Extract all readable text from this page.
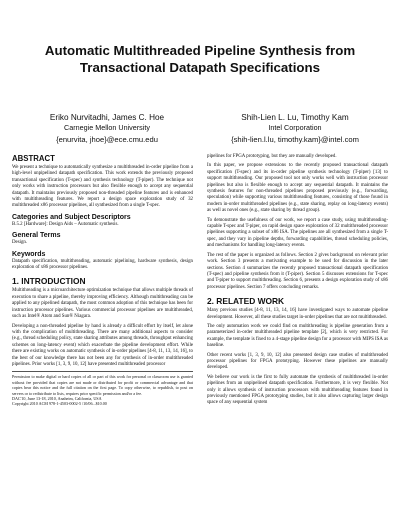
Automatic Multithreaded Pipeline Synthesis from
Transactional Datapath Specifications
Eriko Nurvitadhi, James C. Hoe
Carnegie Mellon University
{enurvita, jhoe}@ece.cmu.edu
Shih-Lien L. Lu, Timothy Kam
Intel Corporation
{shih-lien.l.lu, timothy.kam}@intel.com
ABSTRACT

We present a technique to automatically synthesize a multithreaded in-order pipeline from a high-level unpipelined datapath specification. This work extends the previously proposed transactional specification (T-spec) and synthesis technology (T-piper). The technique not only works with instruction processors but also flexible enough to accept any sequential datapath. It maintains previously proposed non-threaded pipeline features and is enhanced with multithreading features. We report a design space exploration study of 32 multithreaded x86 processor pipelines, all synthesized from a single T-spec.

Categories and Subject Descriptors

B.5.2 [Hardware]: Design Aids – Automatic synthesis.

General Terms

Design.

Keywords

Datapath specification, multithreading, automatic pipelining, hardware synthesis, design exploration of x86 processor pipelines.

1. INTRODUCTION

Multithreading is a microarchitecture optimization technique that allows multiple threads of execution to share a pipeline, thereby improving efficiency. Although multithreading can be applied to any pipelined datapath, the most common adoption of this technique has been for instruction processor pipelines. Various commercial processor pipelines are multithreaded, such as Intel® Atom and Sun® Niagara.

Developing a non-threaded pipeline by hand is already a difficult effort by itself, let alone with the complication of multithreading. There are many additional aspects to consider (e.g., thread scheduling policy, state sharing attributes among threads, throughput enhancing schemes on long-latency event) which exacerbate the pipeline development effort. While there are existing works on automatic synthesis of in-order pipelines [4-8, 11, 13, 14, 16], to the best of our knowledge there has not been any for synthesis of in-order multithreaded pipelines. Prior works [1, 3, 9, 10, 12] have presented multithreaded processor

Permission to make digital or hard copies of all or part of this work for personal or classroom use is granted without fee provided that copies are not made or distributed for profit or commercial advantage and that copies bear this notice and the full citation on the first page. To copy otherwise, to republish, to post on servers or to redistribute to lists, requires prior specific permission and/or a fee.

DAC'10, June 13-18, 2010, Anaheim, California, USA

Copyright 2010 ACM 978-1-4503-0002-5 /10/06...$10.00

pipelines for FPGA prototyping, but they are manually developed.

In this paper, we propose extensions to the recently proposed transactional datapath specification (T-spec) and its in-order pipeline synthesis technology (T-piper) [13] to support multithreading. Our proposed tool not only works well with instruction processor pipelines but also is flexible enough to accept any sequential datapath. It maintains the synthesis features for non-threaded pipelines proposed previously (e.g., forwarding, speculation) while supporting various multithreading features, consisting of those found in modern in-order multithreaded pipelines (e.g., state sharing, replay on long-latency events) as well as novel ones (e.g., state sharing by thread group).

To demonstrate the usefulness of our work, we report a case study, using multithreading-capable T-spec and T-piper, on rapid design space exploration of 32 multithreaded processor pipelines supporting a subset of x86 ISA. The pipelines are all synthesized from a single T-spec, and they vary in pipeline depths, forwarding capabilities, thread scheduling policies, and mechanisms for handling long-latency events.

The rest of the paper is organized as follows. Section 2 gives background on relevant prior work. Section 3 presents a motivating example to be used for discussion in the later sections. Section 4 summarizes the recently proposed transactional datapath specification (T-spec) and pipeline synthesis from it (T-piper). Section 5 discusses extensions for T-spec and T-piper to support multithreading. Section 6, presents a design exploration study of x86 processor pipelines. Section 7 offers concluding remarks.

2. RELATED WORK

Many previous studies [4-8, 11, 13, 14, 16] have investigated ways to automate pipeline development. However, all these studies target in-order pipelines that are not multithreaded.

The only automation work we could find on multithreading is pipeline generation from a parameterized in-order multithreaded pipeline template [2], which is very restricted. For example, the template is fixed to a 4-stage pipeline design for a processor with MIPS ISA as baseline.

Other recent works [1, 3, 9, 10, 12] also presented design case studies of multithreaded processor pipelines for FPGA prototyping. However these pipelines are manually developed.

We believe our work is the first to fully automate the synthesis of multithreaded in-order pipelines from an unpipelined datapath specification. Furthermore, it is very flexible. Not only it allows synthesis of instruction processors with multithreading features found in previously mentioned FPGA prototyping studies, but it also allows capturing larger design space of any sequential system
